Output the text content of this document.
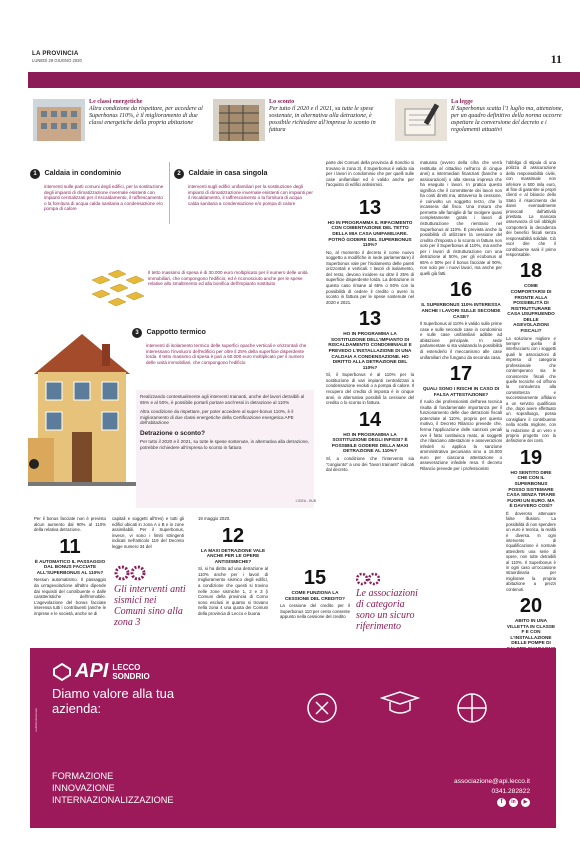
LA PROVINCIA
LUNEDÌ 29 GIUGNO 2020	11
Le classi energetiche
Altra condizione da rispettare, per accedere al Superbonus 110%, è il miglioramento di due classi energetiche della propria abitazione
Lo sconto
Per tutto il 2020 e il 2021, su tutte le spese sostenute, in alternativa alla detrazione, è possibile richiedere all'impresa lo sconto in fattura
La legge
Il Superbonus scatta l'1 luglio ma, attenzione, per un quadro definitivo della norma occorre aspettare la conversione del decreto e i regolamenti attuativi
1 Caldaia in condominio
interventi sulle parti comuni degli edifici, per la sostituzione degli impianti di climatizzazione invernale esistenti con impianti centralizzati per il riscaldamento, il raffrescamento o la fornitura di acqua calda sanitaria a condensazione e/o pompa di calore
2 Caldaie in casa singola
interventi sugli edifici unifamiliari per la sostituzione degli impianti di climatizzazione invernale esistenti con impianti per il riscaldamento, il raffrescamento o la fornitura di acqua calda sanitaria a condensazione e/o pompa di calore
Il tetto massimo di spesa è di 30.000 euro moltiplicato per il numero delle unità immobiliari, che compongono l'edificio; ed è riconosciuto anche per le spese relative allo smaltimento ed alla bonifica dell'impianto sostituito
3 Cappotto termico
interventi di isolamento termico delle superfici opache verticali e orizzontali che interessano l'involucro dell'edificio per oltre il 25% della superficie disperdente lorda. Il tetto massimo di spesa è pari a 60.000 euro moltiplicato per il numero delle unità immobiliari, che compongono l'edificio
Realizzando contestualmente agli interventi trainanti, anche del lavori detraibili al 65% e al 50%, è possibile portarli portare anch'essi in detrazione al 110%
Altra condizione da rispettare, per poter accedere al super-bonus 110%, è il miglioramento di due classi energetiche della Certificazione energetica APE dell'abitazione
Detrazione o sconto?
Per tutto il 2020 e il 2021, su tutte le spese sostenute, in alternativa alla detrazione, potrebbe richiedere all'impresa lo sconto in fattura
L'IDEA - HUB
parte dei Comuni della provincia di Sondrio si trovano in zona 3). Il Superbonus è valido sia per i lavori in condominio che per quelli sulle case unifamiliari ed è valido anche per l'acquisto di edifici antisismici.
13
HO IN PROGRAMMA IL RIFACIMENTO CON COIBENTAZIONE DEL TETTO DELLA MIA CASA UNIFAMILIARE. POTRÒ GODERE DEL SUPERBONUS 110%?
No, al momento il decreto è come nuovo soggetto a modifiche in sede parlamentare) il Superbonus vale per l'isolamento delle pareti orizzontali e verticali. I lavori di isolamento, del resto, devono incidere su oltre il 25% di superficie disperdente lorda. La detrazione in questo caso rimane al 65% o 50% con la possibilità di cedere il credito o avere lo sconto in fattura per le spese sostenute nel 2020 e 2021.
13
HO IN PROGRAMMA LA SOSTITUZIONE DELL'IMPIANTO DI RISCALDAMENTO CONDOMINIALE E PREVEDO L'INSTALLAZIONE DI UNA CALDAIA A CONDENSAZIONE. HO DIRITTO ALLA DETRAZIONE DEL 110%?
Sì, il Superbonus è al 110% per la sostituzione di vari impianti centralizzati a condensazione evoluti o a pompa di calore. Il recupero del credito di imposta è in cinque anni, in alternativa possibili la cessione del credito o lo sconto in fattura.
14
HO IN PROGRAMMA LA SOSTITUZIONE DEGLI INFISSI? È POSSIBILE GODERE DELLA MAXI DETRAZIONE AL 110%?
Sì, a condizione che l'intervento sia "congiunto" a uno dei "lavori trainanti" indicati dal decreto.
maturato (ovvero della cifra che verrà restituita al cittadino nell'arco di cinque anni) a intermediari finanziari (banche o assicurazioni) o alla stessa impresa che ha eseguito i lavori. In pratica questo significa che il committente dei lavori non ha costi diretti ma, attraverso la cessione, è coinvolto un soggetto terzo, che lo incassera dal fisco. Una misura che permette alle famiglie di far svolgere quasi completamente gratis i lavori di ristrutturazione che rientrano nel Superbonus al 110%. È prevista anche la possibilità di utilizzare la cessione del credito d'imposta o lo sconto in fattura non solo per il Superbonus al 110%, ma anche per i lavori di ristrutturazione con una detrazione al 50%, per gli ecobonus al 65% e 50% per il bonus facciate al 90%, non solo per i nuovi lavori, ma anche per quelli già fatti.
16
IL SUPERBONUS 110% INTERESSA ANCHE I LAVORI SULLE SECONDE CASE?
Il Superbonus al 110% è valido sulle prime case e sulle seconde case in condominio e sulle case unifamiliari adibite ad abitazione principale. In sede parlamentare si sta valutando la possibilità di estenderlo il meccanismo alle case unifamiliari che fungano da seconda casa.
17
QUALI SONO I RISCHI IN CASO DI FALSA ATTESTAZIONE?
Il ruolo dei professionisti dell'area tecnica risulta di fondamentale importanza per il funzionamento delle due detrazioni fiscali potenziate al 110%, proprio per questo motivo, il Decreto Rilancio prevede che, ferma l'applicazione delle sanzioni penali ove il fatto costituisca reato, ai soggetti che rilasciano attestazioni e asseverazioni infedeli si applica la sanzione amministrativa pecuniaria sino a 15.000 euro per ciascuna attestazione o asseverazione infedele resa. Il decreto Rilancio prevede per i professionisti
l'obbligo di stipula di una polizza di assicurazione della responsabilità civile, con massimale non inferiore a 500 mila euro, al fine di garantire ai propri clienti e al bilancio dello Stato il risarcimento dei danni eventualmente provocati dall'attività prestata. La mancata osservanza di tali obblighi comporterà la decadenza dei benefici fiscali senza responsabilità solidale. Ciò vuol dire che il contribuente sarà il primo responsabile.
18
COME COMPORTARSI DI FRONTE ALLA POSSIBILITÀ DI RISTRUTTURARE CASA USUFRUENDO DELLE AGEVOLAZIONI FISCALI?
La soluzione migliore e sempre quella di interfacciarsi con i soggetti quali le associazioni di impresa di categoria professionale che contemperano sia le conoscenze fiscali che quelle tecniche ed offrono la consulenza alla committenza e successivamente affidano a un servizio qualificato che, dopo avere effettuato un sopralluogo, possa consigliare il contribuente nella scelta migliore, con la redazione di un vero e proprio progetto con la definizione dei costi.
19
HO SENTITO DIRE CHE CON IL SUPERBONUS POSSO SISTEMARE CASA SENZA TIRARE FUORI UN EURO. MA È DAVVERO COSÌ?
È doveroso attenuare false illusioni. La possibilità di non spendere un euro è teorica, la realtà è diversa. In ogni intervento di riqualificazione è normale attendersi una serie di opere, non tutte detraibili al 110%. Il Superbonus è in ogni caso un'occasione straordinaria per migliorare la propria abitazione a prezzi contenuti.
20
ABITO IN UNA VILLETTA IN CLASSE F E CON L'INSTALLAZIONE DELLE POMPE DI
Per il bonus facciate non è previsto alcun aumento dal 90% al 110% della relativa detrazione.
11
È AUTOMATICO IL PASSAGGIO DAL BONUS FACCIATE ALL'SUPERBONUS AL 110%?
Nessun automatismo. Il passaggio da un'agevolazione all'altro dipende dai requisiti del contribuente e dalle caratteristiche dell'immobile. L'agevolazione del bonus facciate interessa tutti i contribuenti (anche le imprese e le società, anche se di
capitali e soggetti all'Ires) e tutti gli edifici ubicati in zona A o B e in zone assimilabili. Per il Superbonus, invece, vi sono i limiti stringenti indicati nell'articolo 119 del Decreto legge numero 34 del
Gli interventi anti sismici nei Comuni sino alla zona 3
19 maggio 2020.
12
LA MAXI DETRAZIONE VALE ANCHE PER LE OPERE ANTISISMICHE?
Sì, si ha diritto ad una detrazione al 110% anche per i lavori di miglioramento sismico degli edifici, a condizione che questi si trovino nelle zone sismiche 1, 2 e 3 (i Comuni della provincia di Como sono esclusi in quanto si trovano nella zona 4 una quota dei Comuni della provincia di Lecco e buona
15
COME FUNZIONA LA CESSIONE DEL CREDITO?
La cessione del credito per il Superbonus 110 per cento consente appunto nella cessione del credito
Le associazioni di categoria sono un sicuro riferimento
pubbliredazionale
API LECCO
SONDRIO
Diamo valore alla tua azienda:
FORMAZIONE
INNOVAZIONE
INTERNAZIONALIZZAZIONE
associazione@api.lecco.it
0341.282822
f	in	▶
